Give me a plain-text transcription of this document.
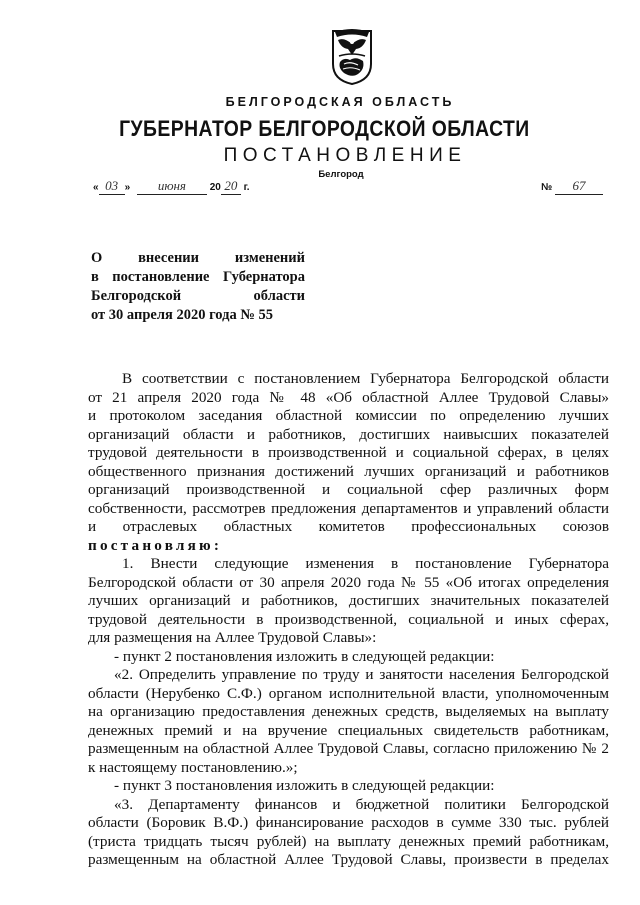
БЕЛГОРОДСКАЯ ОБЛАСТЬ
ГУБЕРНАТОР БЕЛГОРОДСКОЙ ОБЛАСТИ
ПОСТАНОВЛЕНИЕ
Белгород
« 03 » июня 20 20 г.	№ 67
О внесении изменений
в постановление Губернатора
Белгородской области
от 30 апреля 2020 года № 55
В соответствии с постановлением Губернатора Белгородской области
от 21 апреля 2020 года № 48 «Об областной Аллее Трудовой Славы»
и протоколом заседания областной комиссии по определению лучших
организаций области и работников, достигших наивысших показателей
трудовой деятельности в производственной и социальной сферах, в целях
общественного признания достижений лучших организаций и работников
организаций производственной и социальной сфер различных форм
собственности, рассмотрев предложения департаментов и управлений области
и отраслевых областных комитетов профессиональных союзов
постановляю:
1. Внести следующие изменения в постановление Губернатора
Белгородской области от 30 апреля 2020 года № 55 «Об итогах определения
лучших организаций и работников, достигших значительных показателей
трудовой деятельности в производственной, социальной и иных сферах,
для размещения на Аллее Трудовой Славы»:
- пункт 2 постановления изложить в следующей редакции:
«2. Определить управление по труду и занятости населения Белгородской
области (Нерубенко С.Ф.) органом исполнительной власти, уполномоченным
на организацию предоставления денежных средств, выделяемых на выплату
денежных премий и на вручение специальных свидетельств работникам,
размещенным на областной Аллее Трудовой Славы, согласно приложению № 2
к настоящему постановлению.»;
- пункт 3 постановления изложить в следующей редакции:
«3. Департаменту финансов и бюджетной политики Белгородской
области (Боровик В.Ф.) финансирование расходов в сумме 330 тыс. рублей
(триста тридцать тысяч рублей) на выплату денежных премий работникам,
размещенным на областной Аллее Трудовой Славы, произвести в пределах
